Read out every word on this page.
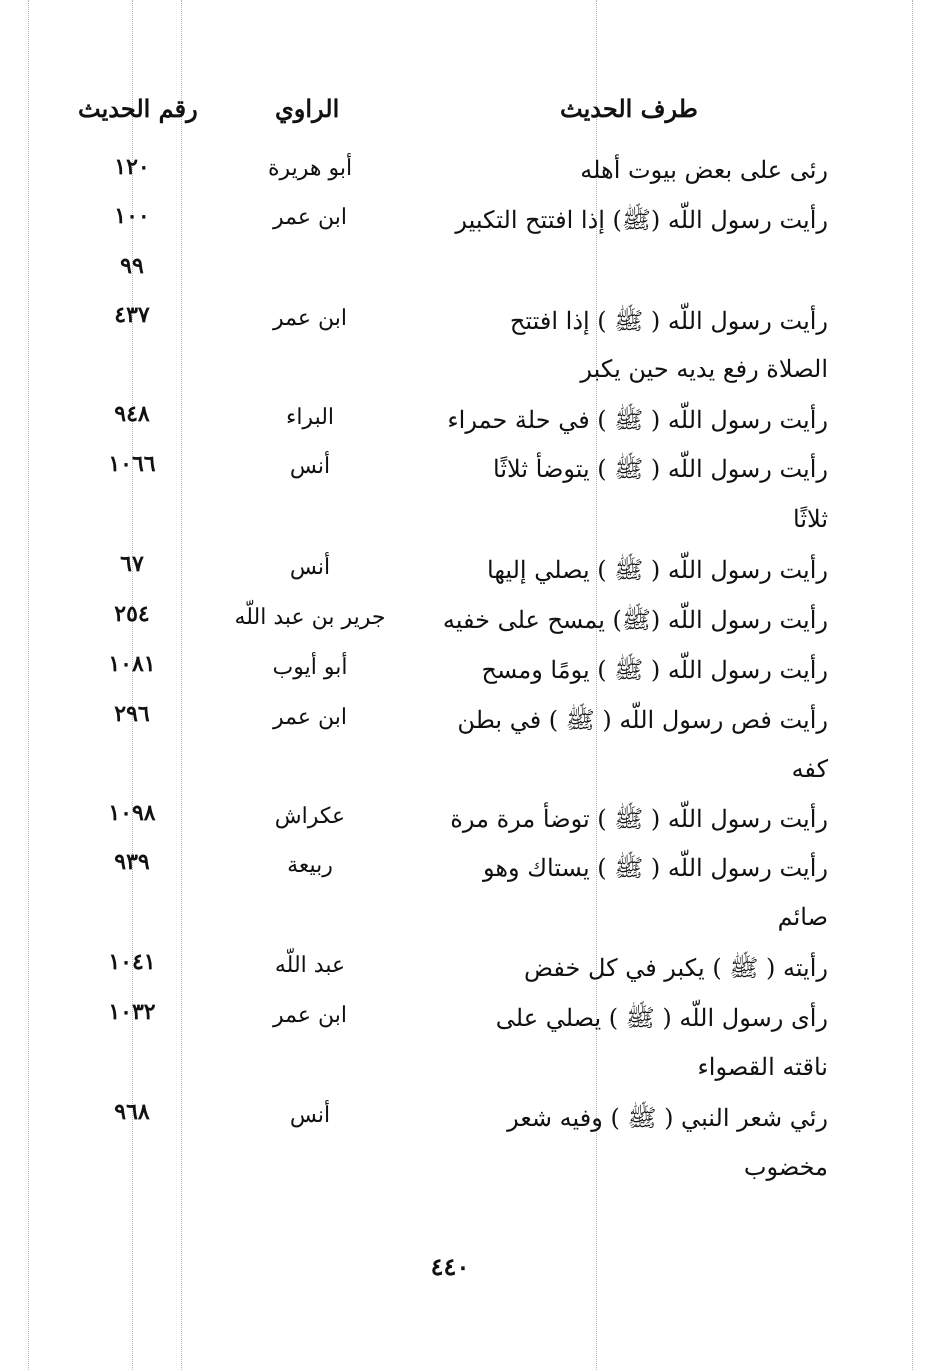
طرف الحديث
الراوي
رقم الحديث
رئى على بعض بيوت أهله
أبو هريرة
١٢٠
رأيت رسول اللّه (ﷺ) إذا افتتح التكبير
ابن عمر
١٠٠
٩٩
رأيت رسول اللّه ( ﷺ ) إذا افتتح
ابن عمر
٤٣٧
الصلاة رفع يديه حين يكبر
رأيت رسول اللّه ( ﷺ ) في حلة حمراء
البراء
٩٤٨
رأيت رسول اللّه ( ﷺ ) يتوضأ ثلاثًا
أنس
١٠٦٦
ثلاثًا
رأيت رسول اللّه ( ﷺ ) يصلي إليها
أنس
٦٧
رأيت رسول اللّه (ﷺ) يمسح على خفيه
جرير بن عبد اللّه
٢٥٤
رأيت رسول اللّه ( ﷺ ) يومًا ومسح
أبو أيوب
١٠٨١
رأيت فص رسول اللّه ( ﷺ ) في بطن
ابن عمر
٢٩٦
كفه
رأيت رسول اللّه ( ﷺ ) توضأ مرة مرة
عكراش
١٠٩٨
رأيت رسول اللّه ( ﷺ ) يستاك وهو
ربيعة
٩٣٩
صائم
رأيته ( ﷺ ) يكبر في كل خفض
عبد اللّه
١٠٤١
رأى رسول اللّه ( ﷺ ) يصلي على
ابن عمر
١٠٣٢
ناقته القصواء
رئي شعر النبي ( ﷺ ) وفيه شعر
أنس
٩٦٨
مخضوب
٤٤٠
